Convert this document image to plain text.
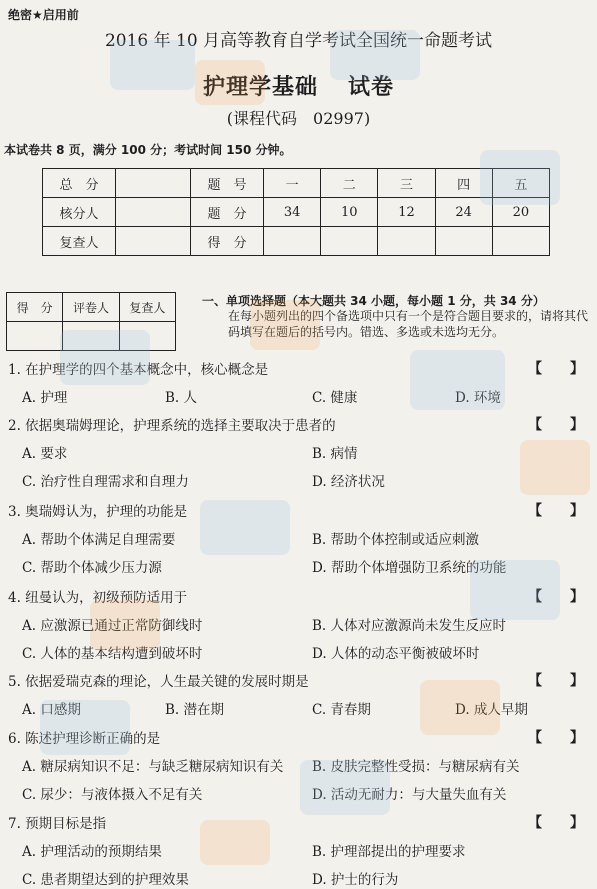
绝密★启用前
2016 年 10 月高等教育自学考试全国统一命题考试
护理学基础 试卷
(课程代码　02997)
本试卷共 8 页，满分 100 分；考试时间 150 分钟。
总　分		题　号	一	二	三	四	五
核分人		题　分	34	10	12	24	20
复查人		得　分					
得　分	评卷人	复查人
			一、单项选择题（本大题共 34 小题，每小题 1 分，共 34 分）
在每小题列出的四个备选项中只有一个是符合题目要求的，请将其代码填写在题后的括号内。错选、多选或未选均无分。
1. 在护理学的四个基本概念中，核心概念是	【　　】
A. 护理	B. 人	C. 健康	D. 环境
2. 依据奥瑞姆理论，护理系统的选择主要取决于患者的	【　　】
A. 要求	B. 病情
C. 治疗性自理需求和自理力	D. 经济状况
3. 奥瑞姆认为，护理的功能是	【　　】
A. 帮助个体满足自理需要	B. 帮助个体控制或适应刺激
C. 帮助个体减少压力源	D. 帮助个体增强防卫系统的功能
4. 纽曼认为，初级预防适用于	【　　】
A. 应激源已通过正常防御线时	B. 人体对应激源尚未发生反应时
C. 人体的基本结构遭到破坏时	D. 人体的动态平衡被破坏时
5. 依据爱瑞克森的理论，人生最关键的发展时期是	【　　】
A. 口感期	B. 潜在期	C. 青春期	D. 成人早期
6. 陈述护理诊断正确的是	【　　】
A. 糖尿病知识不足：与缺乏糖尿病知识有关 B. 皮肤完整性受损：与糖尿病有关
C. 尿少：与液体摄入不足有关	D. 活动无耐力：与大量失血有关
7. 预期目标是指	【　　】
A. 护理活动的预期结果	B. 护理部提出的护理要求
C. 患者期望达到的护理效果	D. 护士的行为
